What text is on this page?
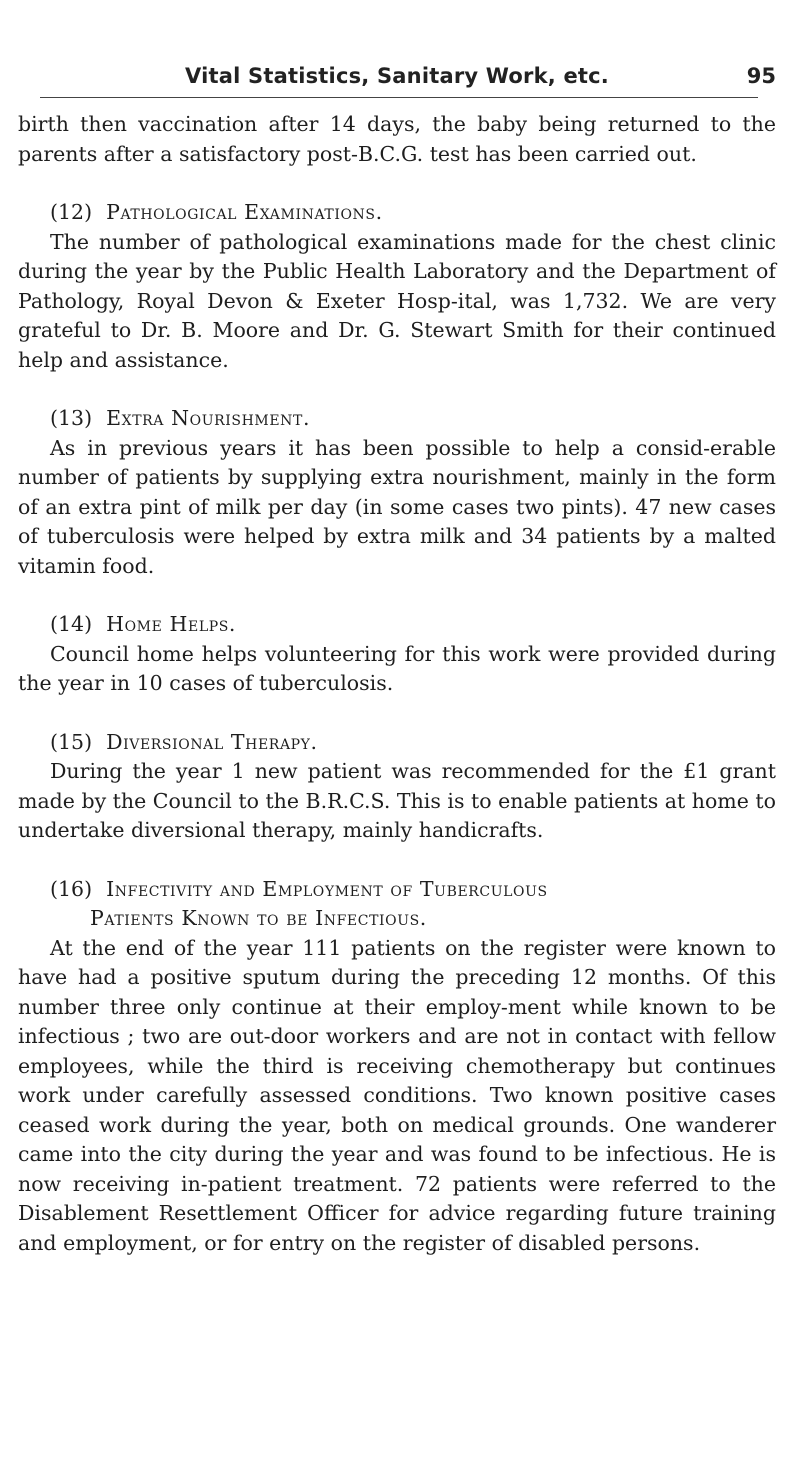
Vital Statistics, Sanitary Work, etc.	95

birth then vaccination after 14 days, the baby being returned to the parents after a satisfactory post-B.C.G. test has been carried out.

(12) Pathological Examinations.

The number of pathological examinations made for the chest clinic during the year by the Public Health Laboratory and the Department of Pathology, Royal Devon & Exeter Hosp-ital, was 1,732. We are very grateful to Dr. B. Moore and Dr. G. Stewart Smith for their continued help and assistance.

(13) Extra Nourishment.

As in previous years it has been possible to help a consid-erable number of patients by supplying extra nourishment, mainly in the form of an extra pint of milk per day (in some cases two pints). 47 new cases of tuberculosis were helped by extra milk and 34 patients by a malted vitamin food.

(14) Home Helps.

Council home helps volunteering for this work were provided during the year in 10 cases of tuberculosis.

(15) Diversional Therapy.

During the year 1 new patient was recommended for the £1 grant made by the Council to the B.R.C.S. This is to enable patients at home to undertake diversional therapy, mainly handicrafts.

(16) Infectivity and Employment of Tuberculous
Patients Known to be Infectious.

At the end of the year 111 patients on the register were known to have had a positive sputum during the preceding 12 months. Of this number three only continue at their employ-ment while known to be infectious ; two are out-door workers and are not in contact with fellow employees, while the third is receiving chemotherapy but continues work under carefully assessed conditions. Two known positive cases ceased work during the year, both on medical grounds. One wanderer came into the city during the year and was found to be infectious. He is now receiving in-patient treatment. 72 patients were referred to the Disablement Resettlement Officer for advice regarding future training and employment, or for entry on the register of disabled persons.
